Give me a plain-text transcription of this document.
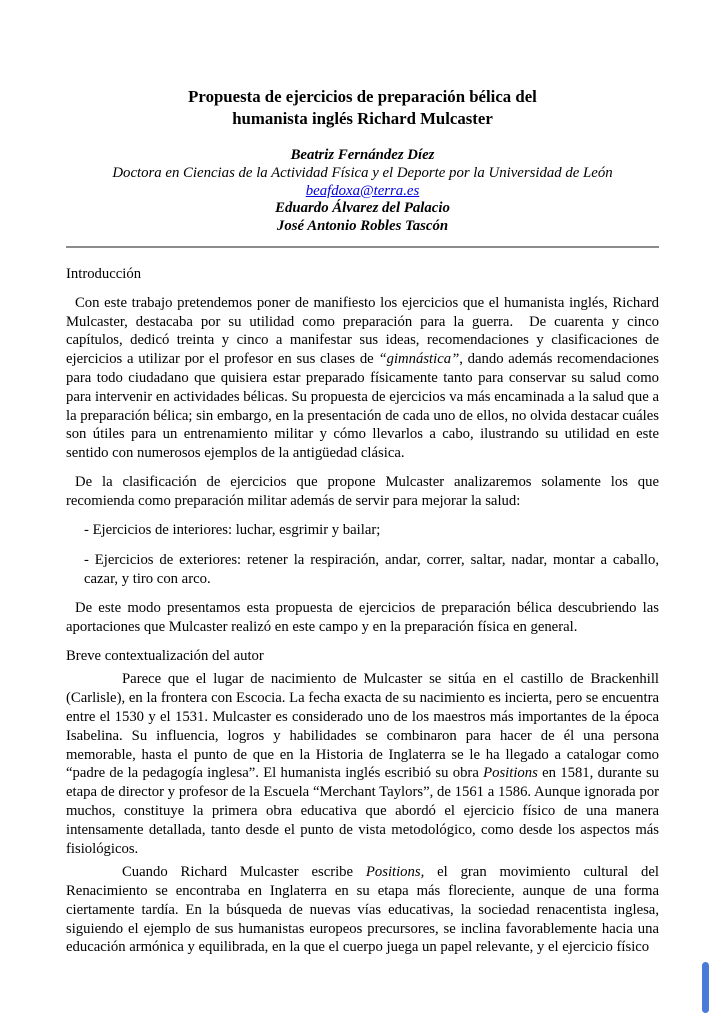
Propuesta de ejercicios de preparación bélica del
humanista inglés Richard Mulcaster
Beatriz Fernández Díez
Doctora en Ciencias de la Actividad Física y el Deporte por la Universidad de León
beafdoxa@terra.es
Eduardo Álvarez del Palacio
José Antonio Robles Tascón
Introducción

Con este trabajo pretendemos poner de manifiesto los ejercicios que el humanista inglés, Richard Mulcaster, destacaba por su utilidad como preparación para la guerra.  De cuarenta y cinco capítulos, dedicó treinta y cinco a manifestar sus ideas, recomendaciones y clasificaciones de ejercicios a utilizar por el profesor en sus clases de “gimnástica”, dando además recomendaciones para todo ciudadano que quisiera estar preparado físicamente tanto para conservar su salud como para intervenir en actividades bélicas. Su propuesta de ejercicios va más encaminada a la salud que a la preparación bélica; sin embargo, en la presentación de cada uno de ellos, no olvida destacar cuáles son útiles para un entrenamiento militar y cómo llevarlos a cabo, ilustrando su utilidad en este sentido con numerosos ejemplos de la antigüedad clásica.

De la clasificación de ejercicios que propone Mulcaster analizaremos solamente los que recomienda como preparación militar además de servir para mejorar la salud:

- Ejercicios de interiores: luchar, esgrimir y bailar;

- Ejercicios de exteriores: retener la respiración, andar, correr, saltar, nadar, montar a caballo, cazar, y tiro con arco.

De este modo presentamos esta propuesta de ejercicios de preparación bélica descubriendo las aportaciones que Mulcaster realizó en este campo y en la preparación física en general.

Breve contextualización del autor

Parece que el lugar de nacimiento de Mulcaster se sitúa en el castillo de Brackenhill (Carlisle), en la frontera con Escocia. La fecha exacta de su nacimiento es incierta, pero se encuentra entre el 1530 y el 1531. Mulcaster es considerado uno de los maestros más importantes de la época Isabelina. Su influencia, logros y habilidades se combinaron para hacer de él una persona memorable, hasta el punto de que en la Historia de Inglaterra se le ha llegado a catalogar como “padre de la pedagogía inglesa”. El humanista inglés escribió su obra Positions en 1581, durante su etapa de director y profesor de la Escuela “Merchant Taylors”, de 1561 a 1586. Aunque ignorada por muchos, constituye la primera obra educativa que abordó el ejercicio físico de una manera intensamente detallada, tanto desde el punto de vista metodológico, como desde los aspectos más fisiológicos.

Cuando Richard Mulcaster escribe Positions, el gran movimiento cultural del Renacimiento se encontraba en Inglaterra en su etapa más floreciente, aunque de una forma ciertamente tardía. En la búsqueda de nuevas vías educativas, la sociedad renacentista inglesa, siguiendo el ejemplo de sus humanistas europeos precursores, se inclina favorablemente hacia una educación armónica y equilibrada, en la que el cuerpo juega un papel relevante, y el ejercicio físico
